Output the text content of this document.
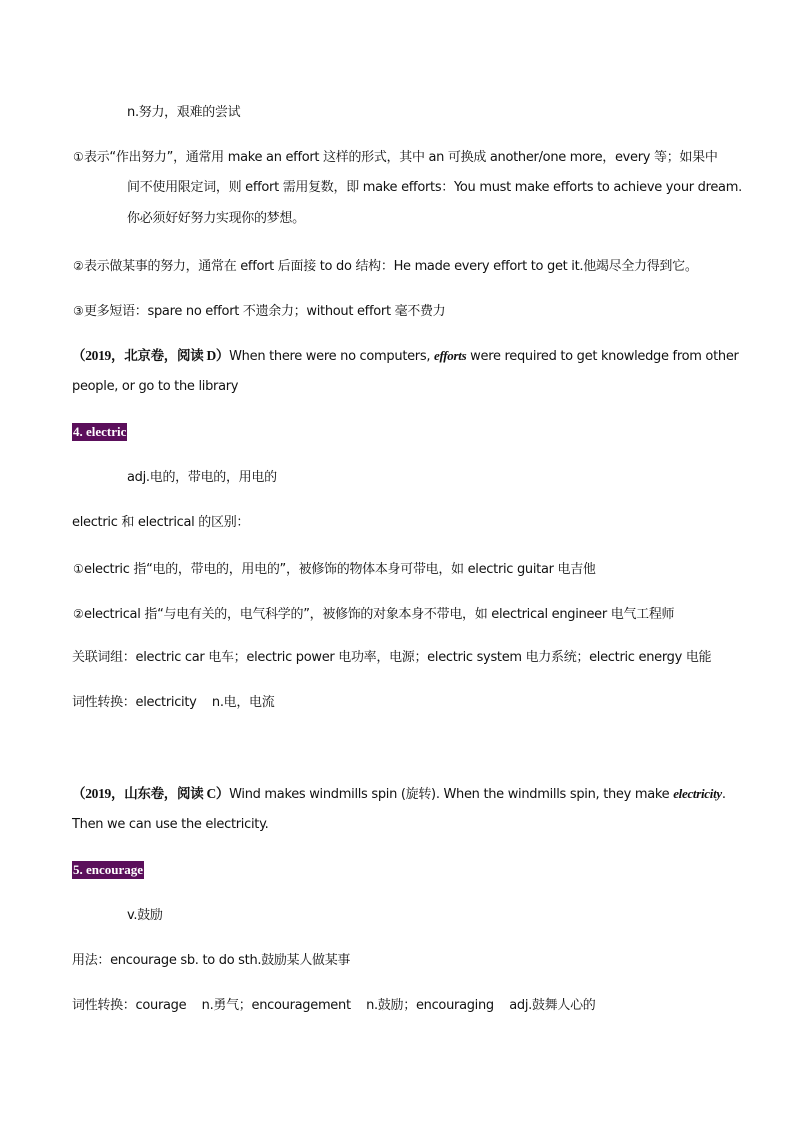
n.努力，艰难的尝试
①表示“作出努力”，通常用 make an effort 这样的形式，其中 an 可换成 another/one more，every 等；如果中
间不使用限定词，则 effort 需用复数，即 make efforts：You must make efforts to achieve your dream.
你必须好好努力实现你的梦想。
②表示做某事的努力，通常在 effort 后面接 to do 结构：He made every effort to get it.他竭尽全力得到它。
③更多短语：spare no effort 不遗余力；without effort 毫不费力
（2019，北京卷，阅读 D）When there were no computers, efforts were required to get knowledge from other
people, or go to the library
4. electric
adj.电的，带电的，用电的
electric 和 electrical 的区别：
①electric 指“电的，带电的，用电的”，被修饰的物体本身可带电，如 electric guitar 电吉他
②electrical 指“与电有关的，电气科学的”，被修饰的对象本身不带电，如 electrical engineer 电气工程师
关联词组：electric car 电车；electric power 电功率，电源；electric system 电力系统；electric energy 电能
词性转换：electricity    n.电，电流
（2019，山东卷，阅读 C）Wind makes windmills spin (旋转). When the windmills spin, they make electricity.
Then we can use the electricity.
5. encourage
v.鼓励
用法：encourage sb. to do sth.鼓励某人做某事
词性转换：courage    n.勇气；encouragement    n.鼓励；encouraging    adj.鼓舞人心的
